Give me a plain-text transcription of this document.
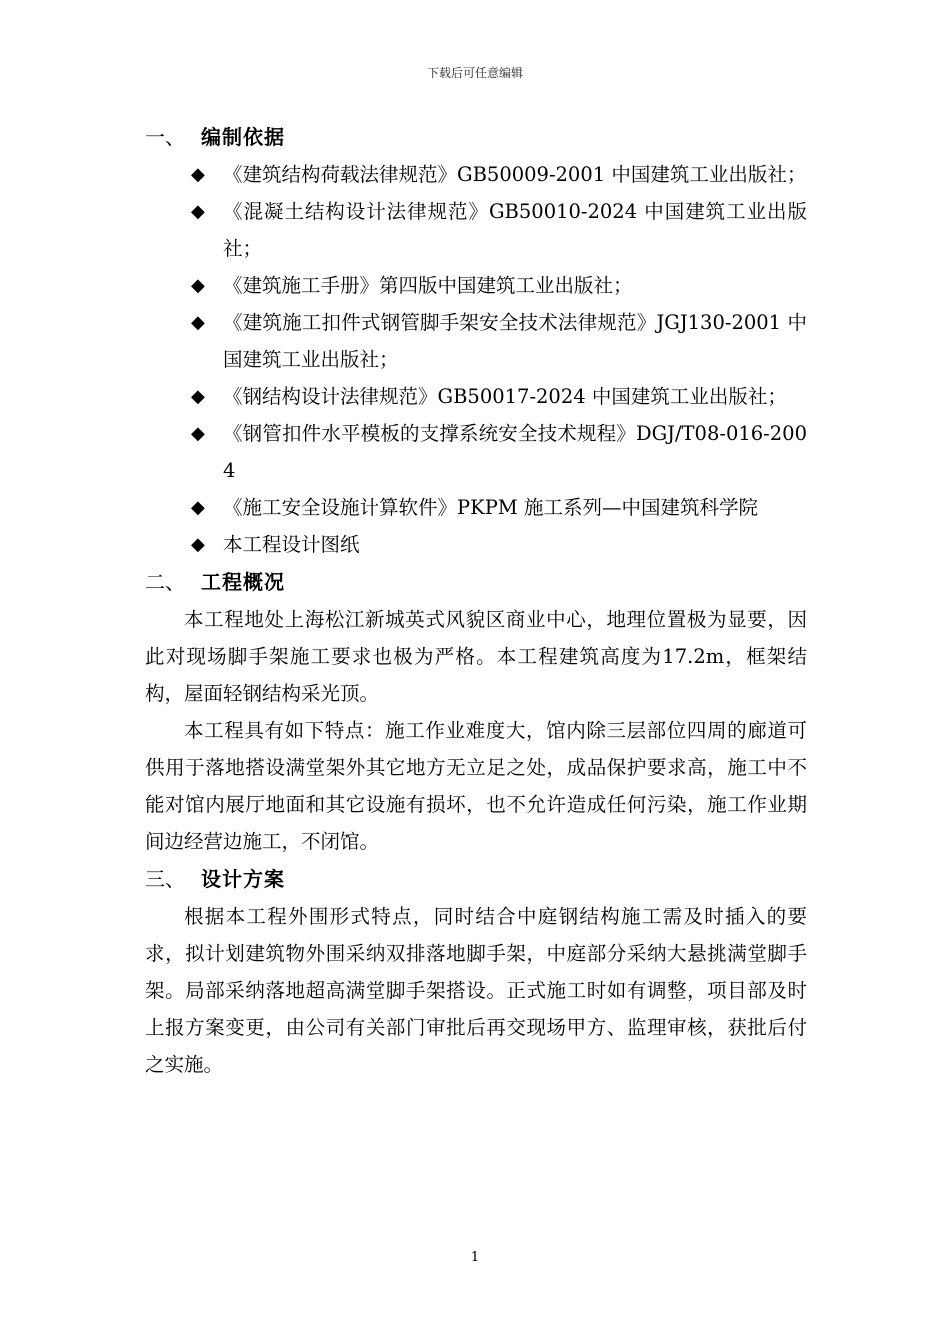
下载后可任意编辑
一、 编制依据
◆ 《建筑结构荷载法律规范》GB50009-2001 中国建筑工业出版社；
◆ 《混凝土结构设计法律规范》GB50010-2024 中国建筑工业出版社；
◆ 《建筑施工手册》第四版中国建筑工业出版社；
◆ 《建筑施工扣件式钢管脚手架安全技术法律规范》JGJ130-2001 中国建筑工业出版社；
◆ 《钢结构设计法律规范》GB50017-2024 中国建筑工业出版社；
◆ 《钢管扣件水平模板的支撑系统安全技术规程》DGJ/T08-016-2004
◆ 《施工安全设施计算软件》PKPM 施工系列—中国建筑科学院
◆ 本工程设计图纸
二、 工程概况

本工程地处上海松江新城英式风貌区商业中心，地理位置极为显要，因此对现场脚手架施工要求也极为严格。本工程建筑高度为17.2m，框架结构，屋面轻钢结构采光顶。

本工程具有如下特点：施工作业难度大，馆内除三层部位四周的廊道可供用于落地搭设满堂架外其它地方无立足之处，成品保护要求高，施工中不能对馆内展厅地面和其它设施有损坏，也不允许造成任何污染，施工作业期间边经营边施工，不闭馆。

三、 设计方案

根据本工程外围形式特点，同时结合中庭钢结构施工需及时插入的要求，拟计划建筑物外围采纳双排落地脚手架，中庭部分采纳大悬挑满堂脚手架。局部采纳落地超高满堂脚手架搭设。正式施工时如有调整，项目部及时上报方案变更，由公司有关部门审批后再交现场甲方、监理审核，获批后付之实施。

1
